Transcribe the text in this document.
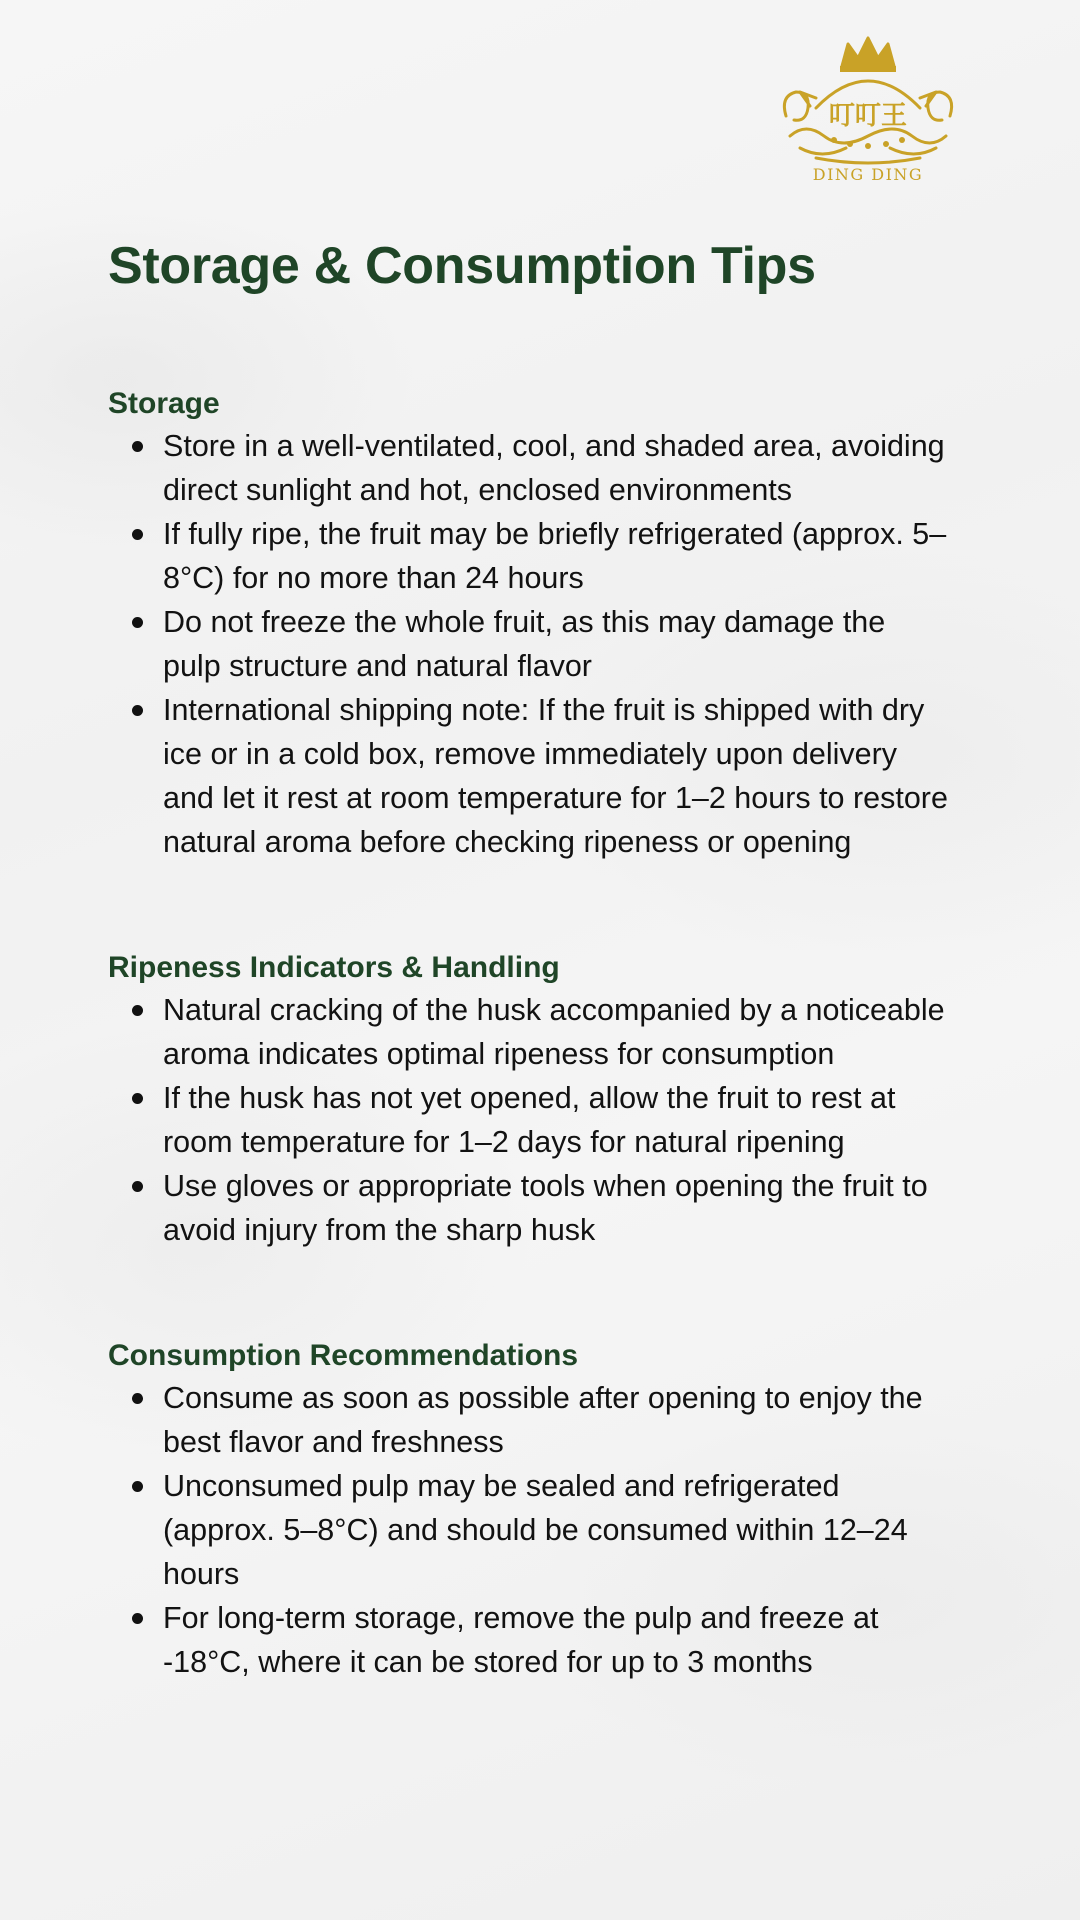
叮叮王
DING DING
Storage & Consumption Tips
Storage
Store in a well-ventilated, cool, and shaded area, avoiding direct sunlight and hot, enclosed environments
If fully ripe, the fruit may be briefly refrigerated (approx. 5–8°C) for no more than 24 hours
Do not freeze the whole fruit, as this may damage the pulp structure and natural flavor
International shipping note: If the fruit is shipped with dry ice or in a cold box, remove immediately upon delivery and let it rest at room temperature for 1–2 hours to restore natural aroma before checking ripeness or opening
Ripeness Indicators & Handling
Natural cracking of the husk accompanied by a noticeable aroma indicates optimal ripeness for consumption
If the husk has not yet opened, allow the fruit to rest at room temperature for 1–2 days for natural ripening
Use gloves or appropriate tools when opening the fruit to avoid injury from the sharp husk
Consumption Recommendations
Consume as soon as possible after opening to enjoy the best flavor and freshness
Unconsumed pulp may be sealed and refrigerated (approx. 5–8°C) and should be consumed within 12–24 hours
For long-term storage, remove the pulp and freeze at -18°C, where it can be stored for up to 3 months
